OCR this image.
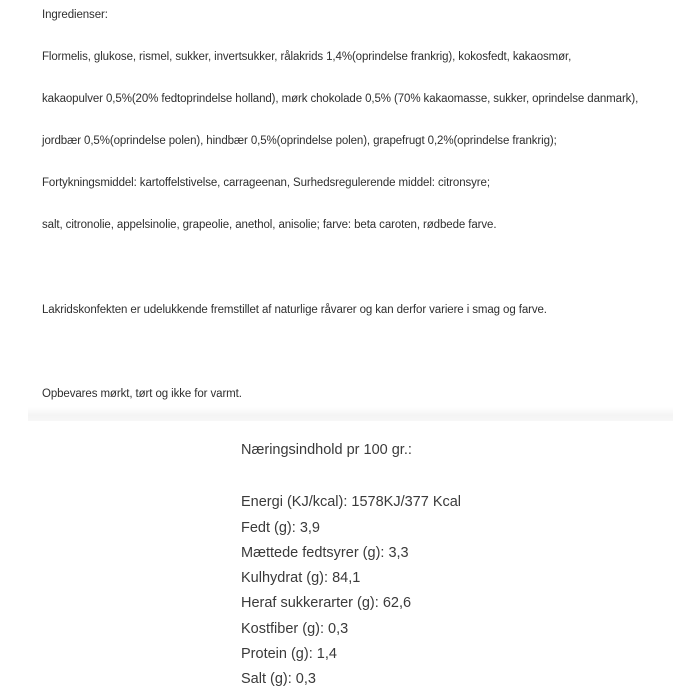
Ingredienser:
Flormelis, glukose, rismel, sukker, invertsukker, rålakrids 1,4%(oprindelse frankrig), kokosfedt, kakaosmør,
kakaopulver 0,5%(20% fedtoprindelse holland), mørk chokolade 0,5% (70% kakaomasse, sukker, oprindelse danmark),
jordbær 0,5%(oprindelse polen), hindbær 0,5%(oprindelse polen), grapefrugt 0,2%(oprindelse frankrig);
Fortykningsmiddel: kartoffelstivelse, carrageenan, Surhedsregulerende middel: citronsyre;
salt, citronolie, appelsinolie, grapeolie, anethol, anisolie; farve: beta caroten, rødbede farve.
Lakridskonfekten er udelukkende fremstillet af naturlige råvarer og kan derfor variere i smag og farve.
Opbevares mørkt, tørt og ikke for varmt.
Næringsindhold pr 100 gr.:
Energi (KJ/kcal): 1578KJ/377 Kcal
Fedt (g): 3,9
Mættede fedtsyrer (g): 3,3
Kulhydrat (g): 84,1
Heraf sukkerarter (g): 62,6
Kostfiber (g): 0,3
Protein (g): 1,4
Salt (g): 0,3
